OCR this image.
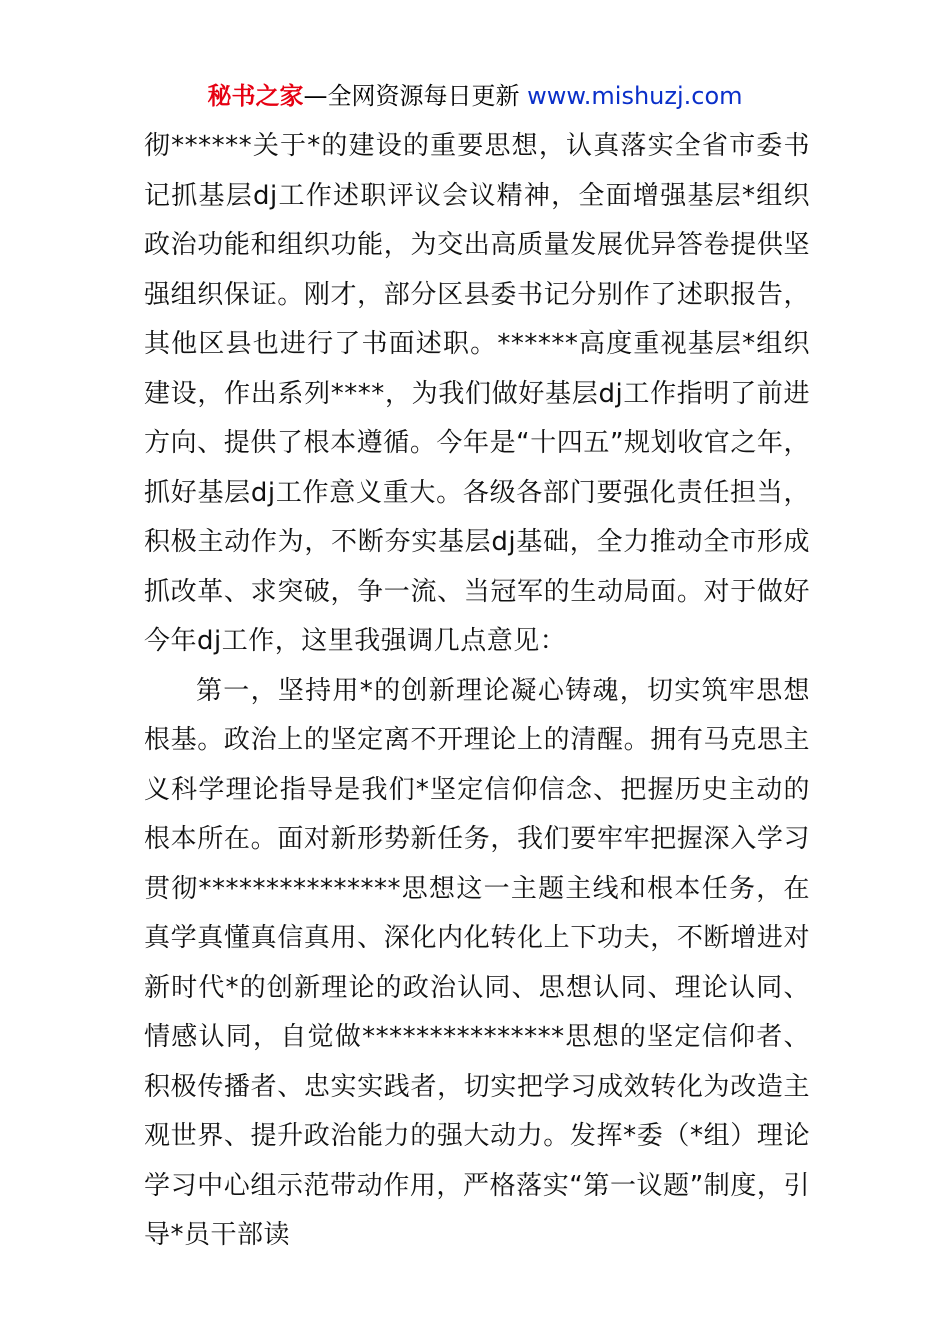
秘书之家—全网资源每日更新 www.mishuzj.com

彻******关于*的建设的重要思想，认真落实全省市委书记抓基层dj工作述职评议会议精神，全面增强基层*组织政治功能和组织功能，为交出高质量发展优异答卷提供坚强组织保证。刚才，部分区县委书记分别作了述职报告，其他区县也进行了书面述职。******高度重视基层*组织建设，作出系列****，为我们做好基层dj工作指明了前进方向、提供了根本遵循。今年是“十四五”规划收官之年，抓好基层dj工作意义重大。各级各部门要强化责任担当，积极主动作为，不断夯实基层dj基础，全力推动全市形成抓改革、求突破，争一流、当冠军的生动局面。对于做好今年dj工作，这里我强调几点意见：

第一，坚持用*的创新理论凝心铸魂，切实筑牢思想根基。政治上的坚定离不开理论上的清醒。拥有马克思主义科学理论指导是我们*坚定信仰信念、把握历史主动的根本所在。面对新形势新任务，我们要牢牢把握深入学习贯彻***************思想这一主题主线和根本任务，在真学真懂真信真用、深化内化转化上下功夫，不断增进对新时代*的创新理论的政治认同、思想认同、理论认同、情感认同，自觉做***************思想的坚定信仰者、积极传播者、忠实实践者，切实把学习成效转化为改造主观世界、提升政治能力的强大动力。发挥*委（*组）理论学习中心组示范带动作用，严格落实“第一议题”制度，引导*员干部读
